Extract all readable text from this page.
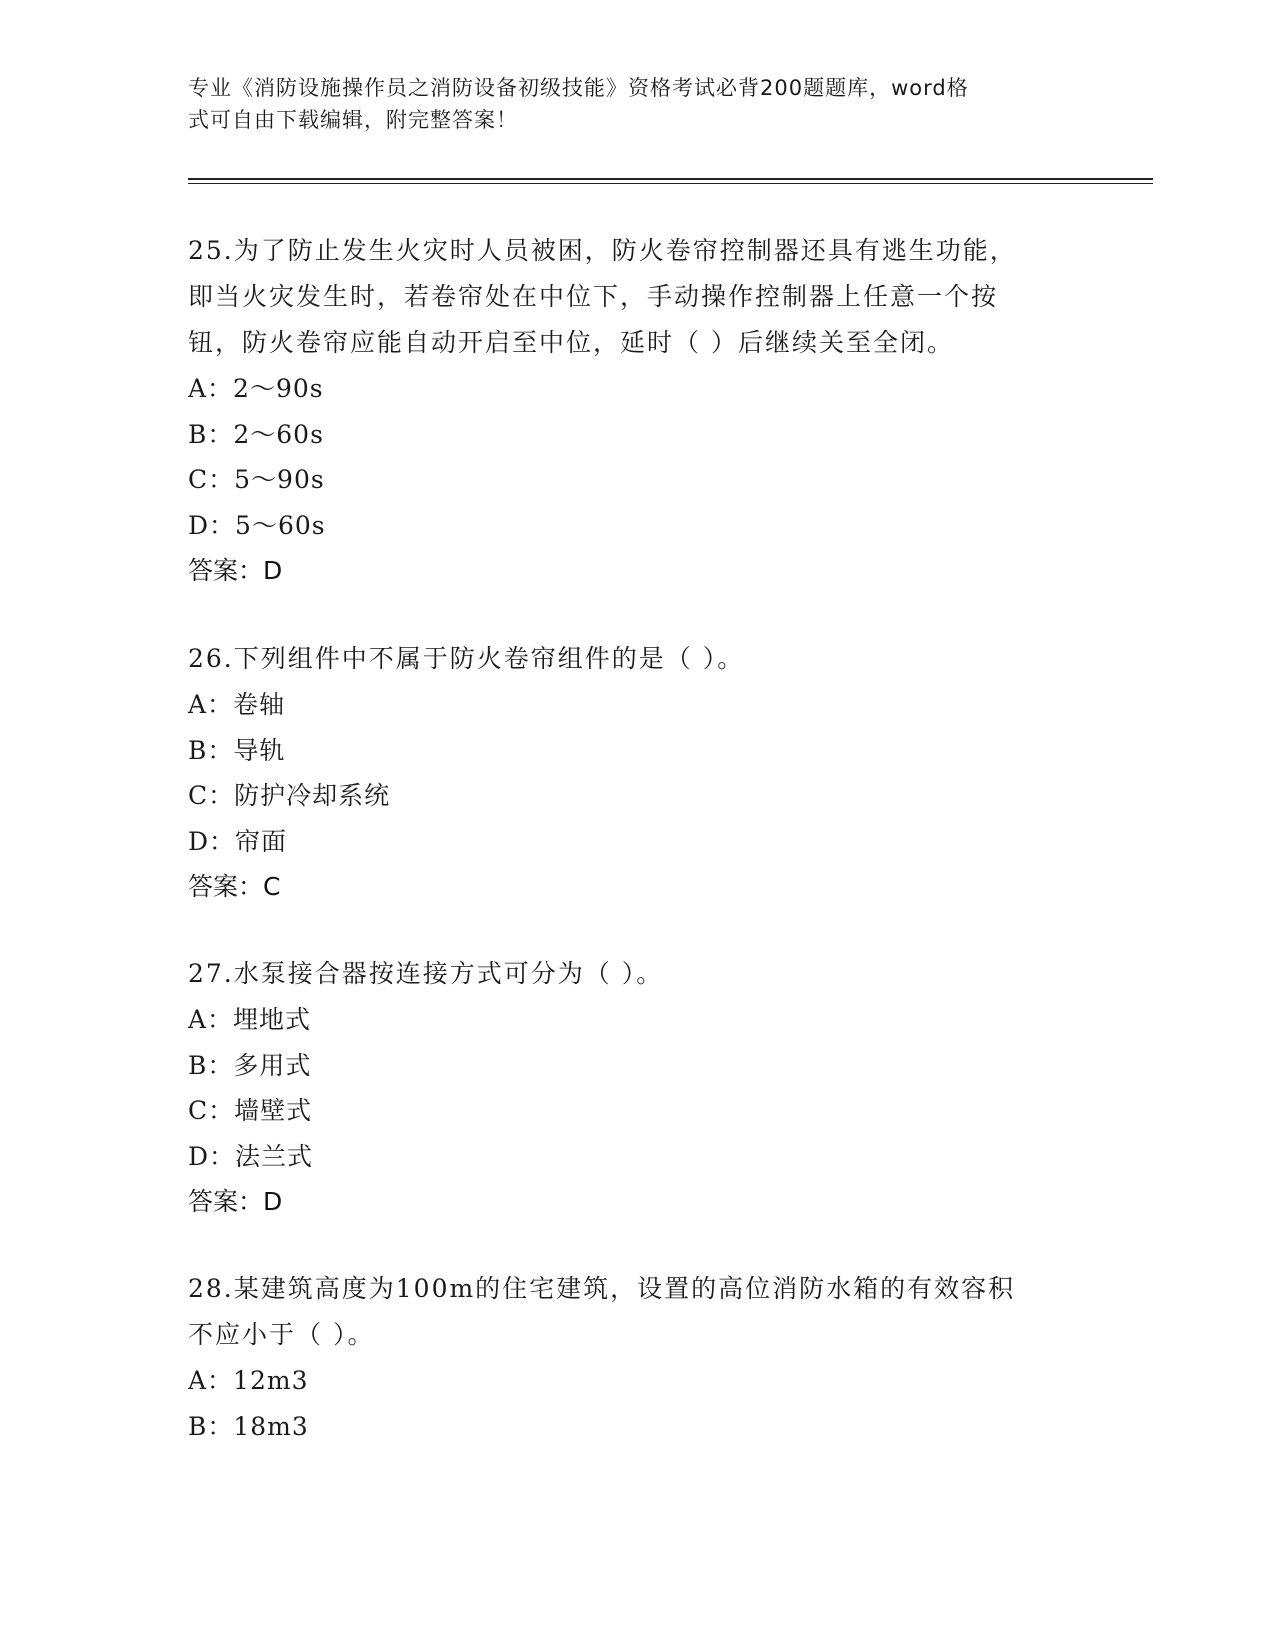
专业《消防设施操作员之消防设备初级技能》资格考试必背200题题库，word格
式可自由下载编辑，附完整答案！
25.为了防止发生火灾时人员被困，防火卷帘控制器还具有逃生功能，
即当火灾发生时，若卷帘处在中位下，手动操作控制器上任意一个按
钮，防火卷帘应能自动开启至中位，延时（ ）后继续关至全闭。
A：2～90s
B：2～60s
C：5～90s
D：5～60s
答案：D
26.下列组件中不属于防火卷帘组件的是（ ）。
A：卷轴
B：导轨
C：防护冷却系统
D：帘面
答案：C
27.水泵接合器按连接方式可分为（ ）。
A：埋地式
B：多用式
C：墙壁式
D：法兰式
答案：D
28.某建筑高度为100m的住宅建筑，设置的高位消防水箱的有效容积
不应小于（ ）。
A：12m3
B：18m3
